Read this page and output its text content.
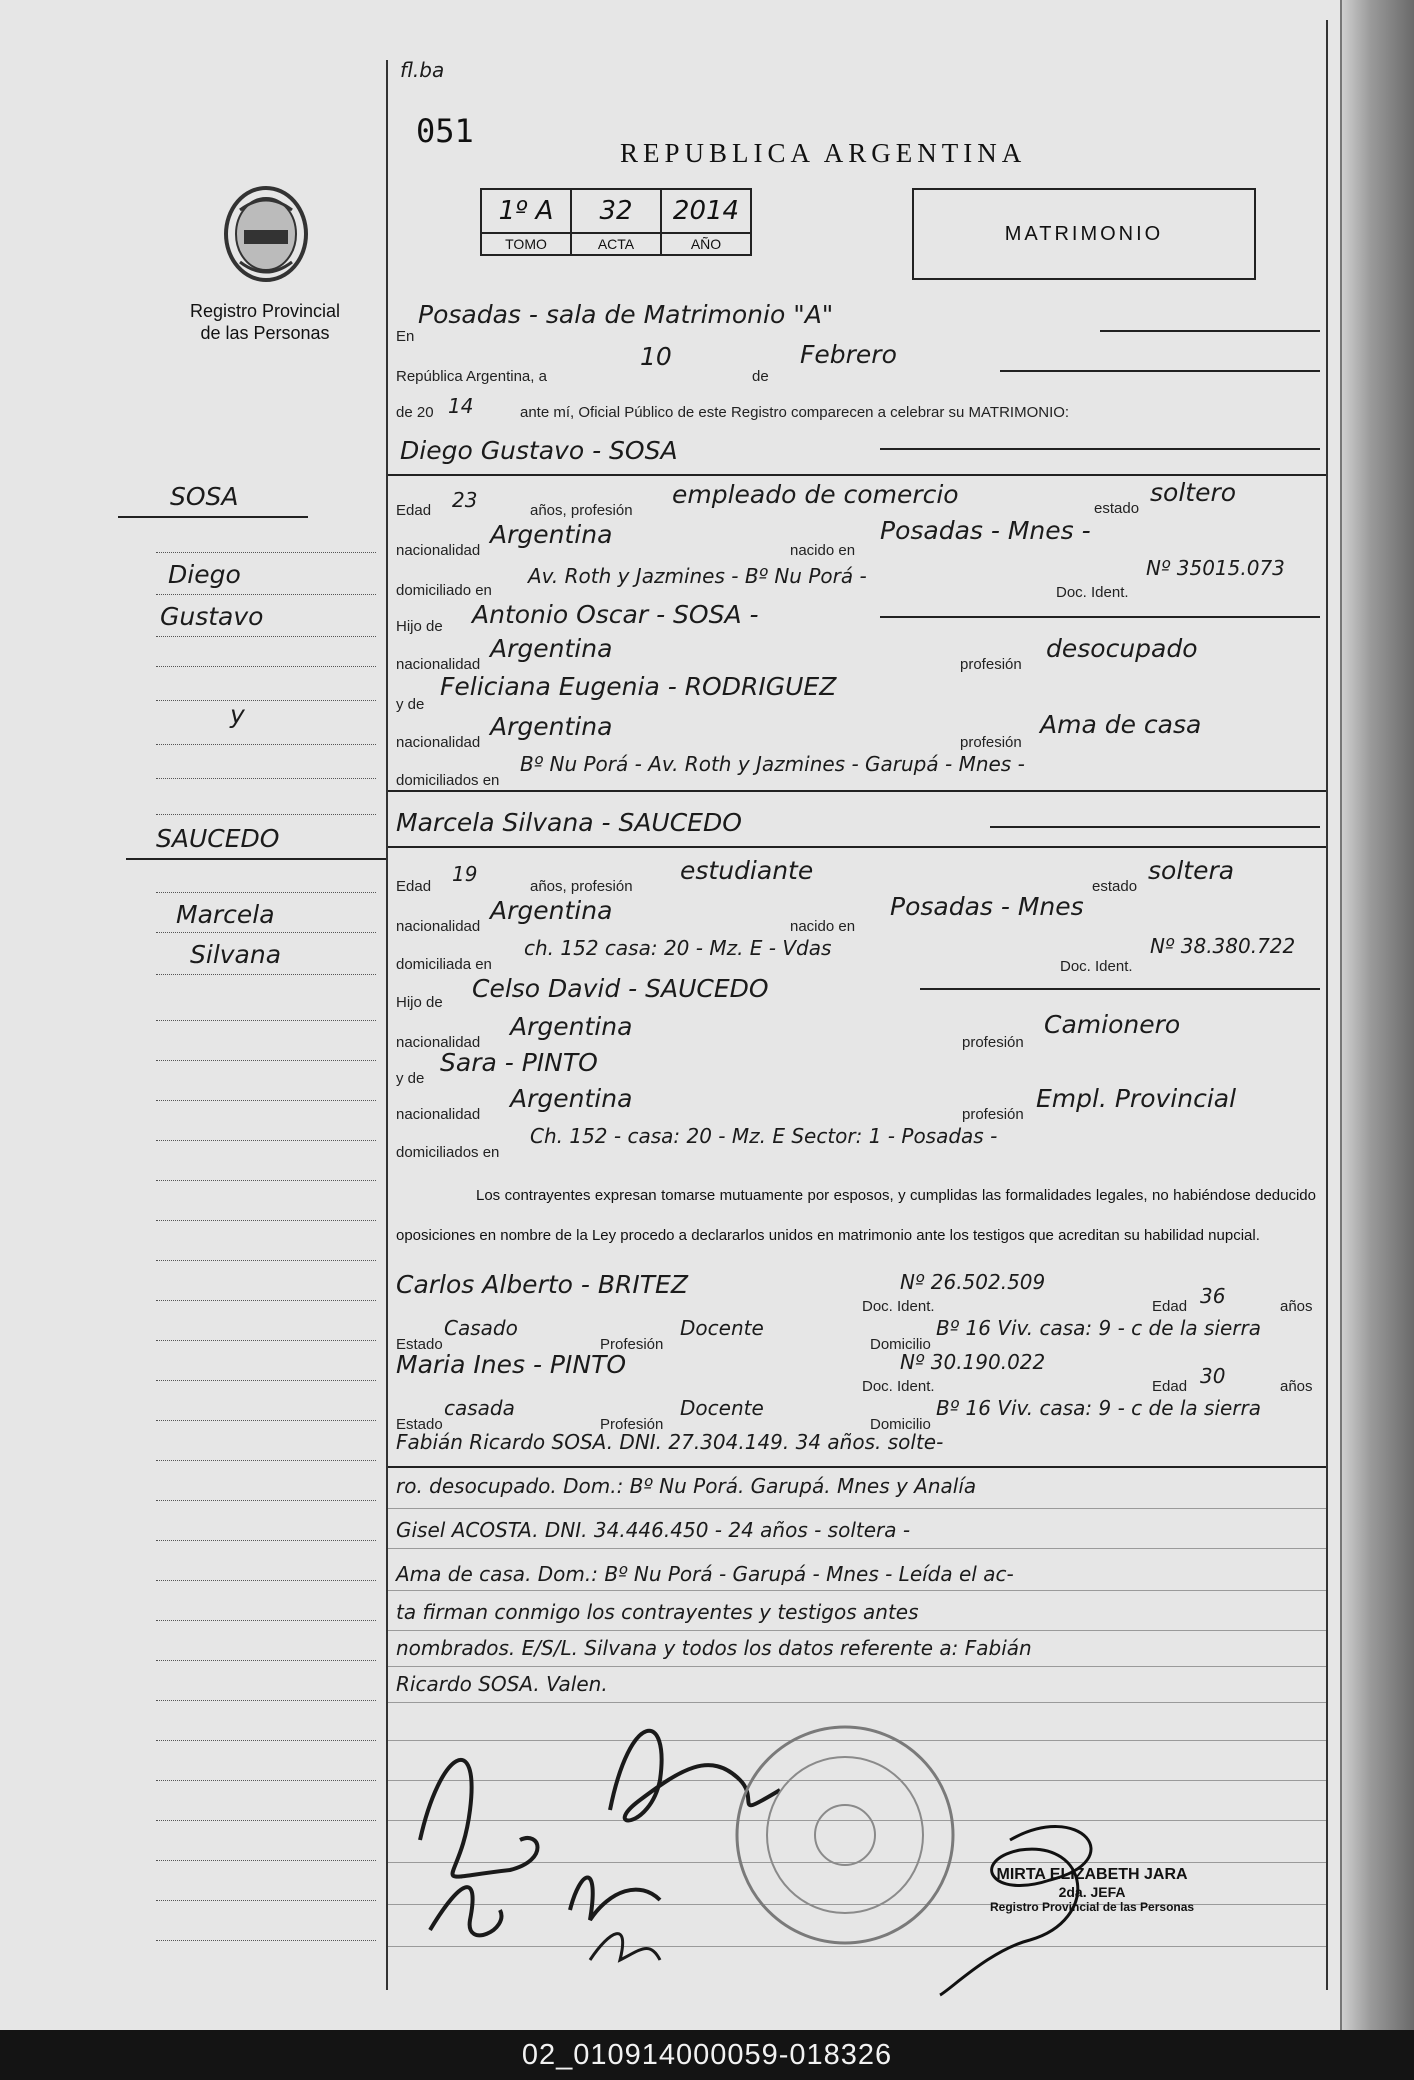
Registro Provincial
de las Personas
fl.ba
051
REPUBLICA ARGENTINA
1º A	32	2014
TOMO	ACTA	AÑO	MATRIMONIO
En
Posadas - sala de Matrimonio "A"
República Argentina, a
10
de
Febrero
de 20 14	ante mí, Oficial Público de este Registro comparecen a celebrar su MATRIMONIO:
Diego Gustavo - SOSA
Edad 23	años, profesión
empleado de comercio	estado
soltero
nacionalidad
Argentina
nacido en
Posadas - Mnes -
domiciliado en
Av. Roth y Jazmines - Bº Nu Porá -
Doc. Ident.
Nº 35015.073
Hijo de Antonio Oscar - SOSA -
nacionalidad
Argentina
profesión
desocupado
y de
Feliciana Eugenia - RODRIGUEZ
nacionalidad
Argentina
profesión
Ama de casa
domiciliados en
Bº Nu Porá - Av. Roth y Jazmines - Garupá - Mnes -
Marcela Silvana - SAUCEDO
Edad
19
años, profesión
estudiante
estado
soltera
nacionalidad
Argentina
nacido en
Posadas - Mnes
domiciliada en
ch. 152 casa: 20 - Mz. E - Vdas
Doc. Ident.
Nº 38.380.722
Hijo de Celso David - SAUCEDO
nacionalidad
Argentina
profesión
Camionero
y de
Sara - PINTO
nacionalidad
Argentina
profesión
Empl. Provincial
domiciliados en
Ch. 152 - casa: 20 - Mz. E Sector: 1 - Posadas -
Los contrayentes expresan tomarse mutuamente por esposos, y cumplidas las formalidades legales, no habiéndose deducido oposiciones en nombre de la Ley procedo a declararlos unidos en matrimonio ante los testigos que acreditan su habilidad nupcial.
Carlos Alberto - BRITEZ
Doc. Ident.
Nº 26.502.509
Edad 36	años
Estado
Casado
Profesión
Docente
Domicilio
Bº 16 Viv. casa: 9 - c de la sierra
Maria Ines - PINTO
Doc. Ident.
Nº 30.190.022
Edad 30	años
Estado
casada
Profesión
Docente
Domicilio
Bº 16 Viv. casa: 9 - c de la sierra
Fabián Ricardo SOSA. DNI. 27.304.149. 34 años. solte-
ro. desocupado. Dom.: Bº Nu Porá. Garupá. Mnes y Analía
Gisel ACOSTA. DNI. 34.446.450 - 24 años - soltera -
Ama de casa. Dom.: Bº Nu Porá - Garupá - Mnes - Leída el ac-
ta firman conmigo los contrayentes y testigos antes
nombrados. E/S/L. Silvana y todos los datos referente a: Fabián
Ricardo SOSA. Valen.
SOSA
Diego
Gustavo
y
SAUCEDO
Marcela
Silvana
MIRTA ELIZABETH JARA
2da. JEFA
Registro Provincial de las Personas
02_010914000059-018326
